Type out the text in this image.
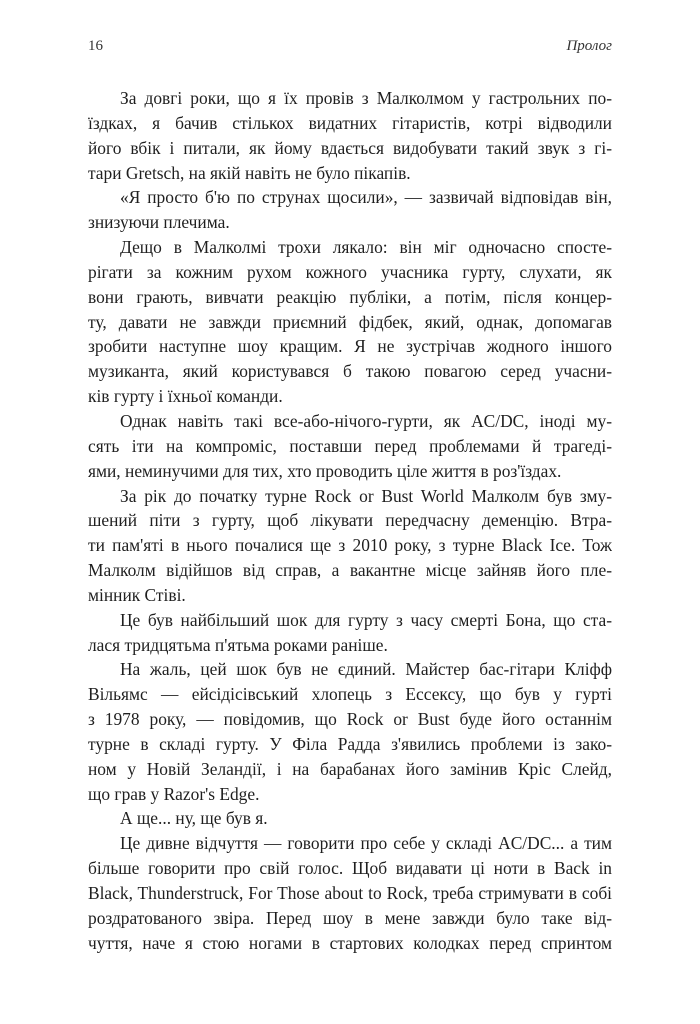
16	Пролог
За довгі роки, що я їх провів з Малколмом у гастрольних по-
їздках, я бачив стількох видатних гітаристів, котрі відводили
його вбік і питали, як йому вдається видобувати такий звук з гі-
тари Gretsch, на якій навіть не було пікапів.
«Я просто б'ю по струнах щосили», — зазвичай відповідав він,
знизуючи плечима.
Дещо в Малколмі трохи лякало: він міг одночасно спосте-
рігати за кожним рухом кожного учасника гурту, слухати, як
вони грають, вивчати реакцію публіки, а потім, після концер-
ту, давати не завжди приємний фідбек, який, однак, допомагав
зробити наступне шоу кращим. Я не зустрічав жодного іншого
музиканта, який користувався б такою повагою серед учасни-
ків гурту і їхньої команди.
Однак навіть такі все-або-нічого-гурти, як AC/DC, іноді му-
сять іти на компроміс, поставши перед проблемами й трагеді-
ями, неминучими для тих, хто проводить ціле життя в роз'їздах.
За рік до початку турне Rock or Bust World Малколм був зму-
шений піти з гурту, щоб лікувати передчасну деменцію. Втра-
ти пам'яті в нього почалися ще з 2010 року, з турне Black Ice. Тож
Малколм відійшов від справ, а вакантне місце зайняв його пле-
мінник Стіві.
Це був найбільший шок для гурту з часу смерті Бона, що ста-
лася тридцятьма п'ятьма роками раніше.
На жаль, цей шок був не єдиний. Майстер бас-гітари Кліфф
Вільямс — ейсідісівський хлопець з Ессексу, що був у гурті
з 1978 року, — повідомив, що Rock or Bust буде його останнім
турне в складі гурту. У Філа Радда з'явились проблеми із зако-
ном у Новій Зеландії, і на барабанах його замінив Кріс Слейд,
що грав у Razor's Edge.
А ще... ну, ще був я.
Це дивне відчуття — говорити про себе у складі AC/DC... а тим
більше говорити про свій голос. Щоб видавати ці ноти в Back in
Black, Thunderstruck, For Those about to Rock, треба стримувати в собі
роздратованого звіра. Перед шоу в мене завжди було таке від-
чуття, наче я стою ногами в стартових колодках перед спринтом
